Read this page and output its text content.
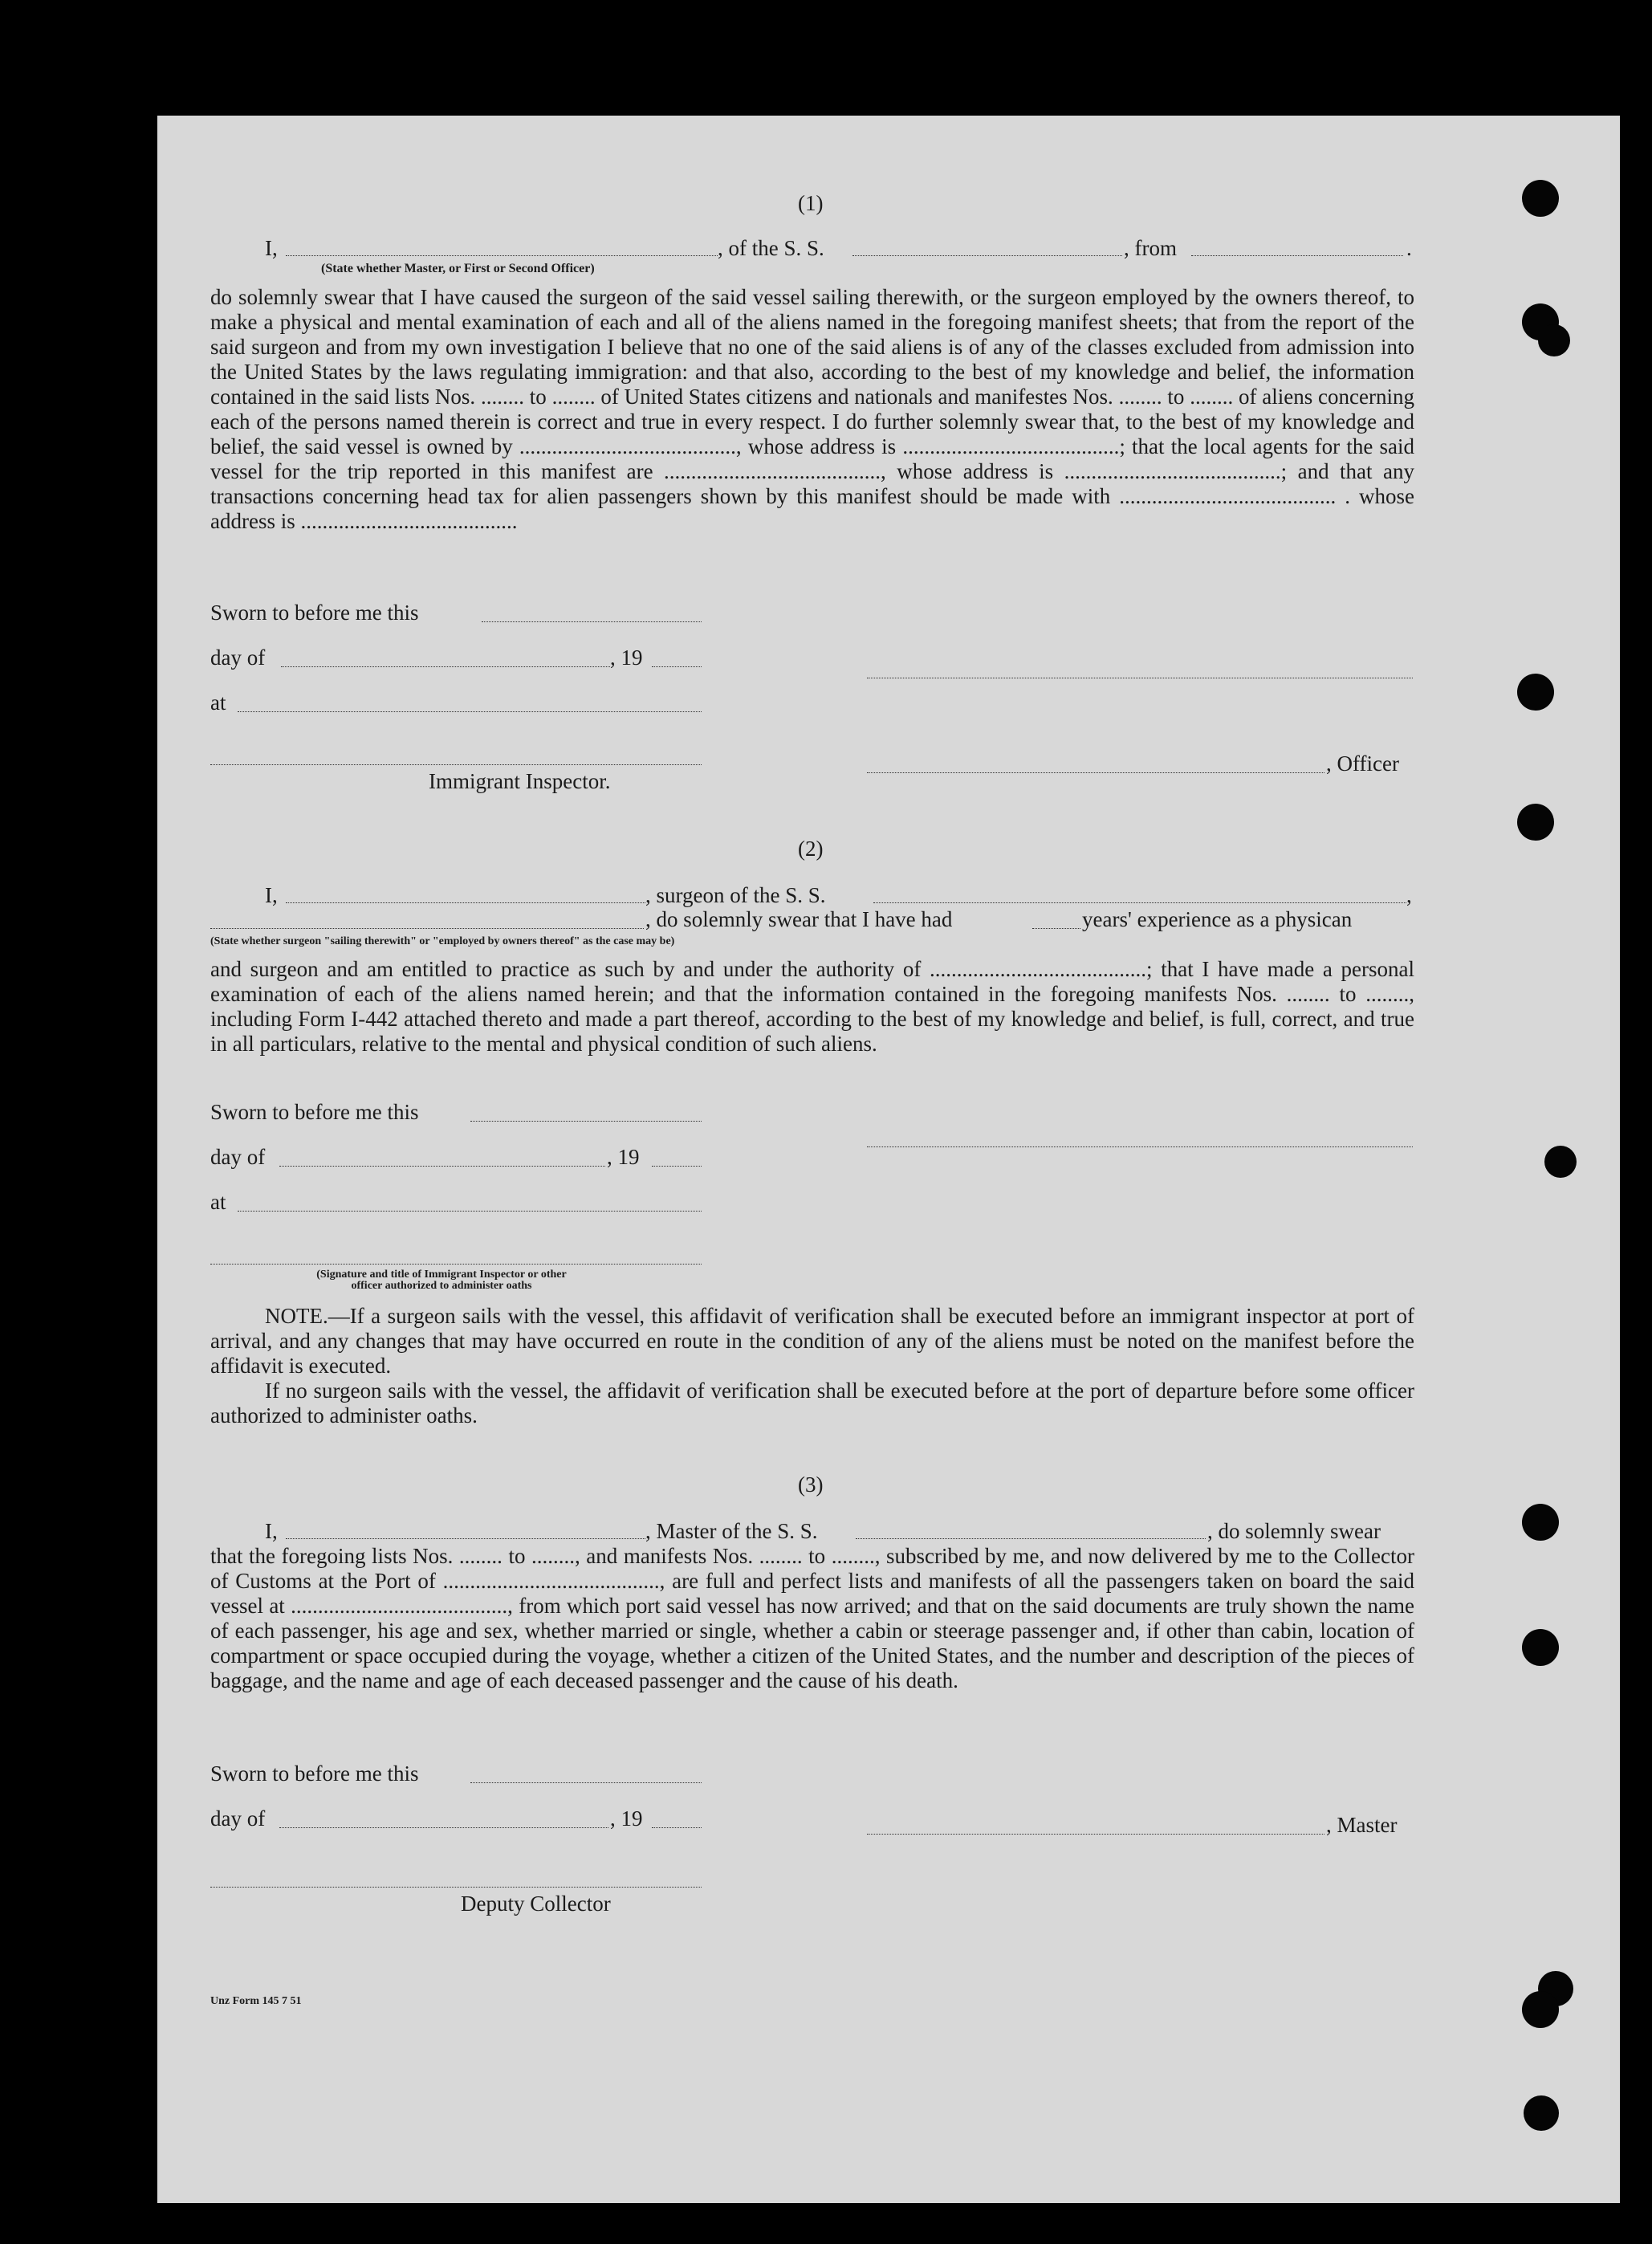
(1)
I,	, of the S. S.	, from	.
(State whether Master, or First or Second Officer)
do solemnly swear that I have caused the surgeon of the said vessel sailing therewith, or the surgeon employed by the owners thereof, to make a physical and mental examination of each and all of the aliens named in the foregoing manifest sheets; that from the report of the said surgeon and from my own investigation I believe that no one of the said aliens is of any of the classes excluded from admission into the United States by the laws regulating immigration: and that also, according to the best of my knowledge and belief, the information contained in the said lists Nos. ........ to ........ of United States citizens and nationals and manifestes Nos. ........ to ........ of aliens concerning each of the persons named therein is correct and true in every respect. I do further solemnly swear that, to the best of my knowledge and belief, the said vessel is owned by ........................................, whose address is ........................................; that the local agents for the said vessel for the trip reported in this manifest are ........................................, whose address is ........................................; and that any transactions concerning head tax for alien passengers shown by this manifest should be made with ........................................ . whose address is ........................................
Sworn to before me this
day of	, 19
at
, Officer
Immigrant Inspector.
(2)
I,	, surgeon of the S. S.	,
, do solemnly swear that I have had	years' experience as a physican
(State whether surgeon "sailing therewith" or "employed by owners thereof" as the case may be)
and surgeon and am entitled to practice as such by and under the authority of ........................................; that I have made a personal examination of each of the aliens named herein; and that the information contained in the foregoing manifests Nos. ........ to ........, including Form I-442 attached thereto and made a part thereof, according to the best of my knowledge and belief, is full, correct, and true in all particulars, relative to the mental and physical condition of such aliens.
Sworn to before me this
day of	, 19
at
(Signature and title of Immigrant Inspector or other
officer authorized to administer oaths
NOTE.—If a surgeon sails with the vessel, this affidavit of verification shall be executed before an immigrant inspector at port of arrival, and any changes that may have occurred en route in the condition of any of the aliens must be noted on the manifest before the affidavit is executed.
If no surgeon sails with the vessel, the affidavit of verification shall be executed before at the port of departure before some officer authorized to administer oaths.
(3)
I,	, Master of the S. S.	, do solemnly swear
that the foregoing lists Nos. ........ to ........, and manifests Nos. ........ to ........, subscribed by me, and now delivered by me to the Collector of Customs at the Port of ........................................, are full and perfect lists and manifests of all the passengers taken on board the said vessel at ........................................, from which port said vessel has now arrived; and that on the said documents are truly shown the name of each passenger, his age and sex, whether married or single, whether a cabin or steerage passenger and, if other than cabin, location of compartment or space occupied during the voyage, whether a citizen of the United States, and the number and description of the pieces of baggage, and the name and age of each deceased passenger and the cause of his death.
Sworn to before me this
day of	, 19	, Master
Deputy Collector
Unz Form 145 7 51
